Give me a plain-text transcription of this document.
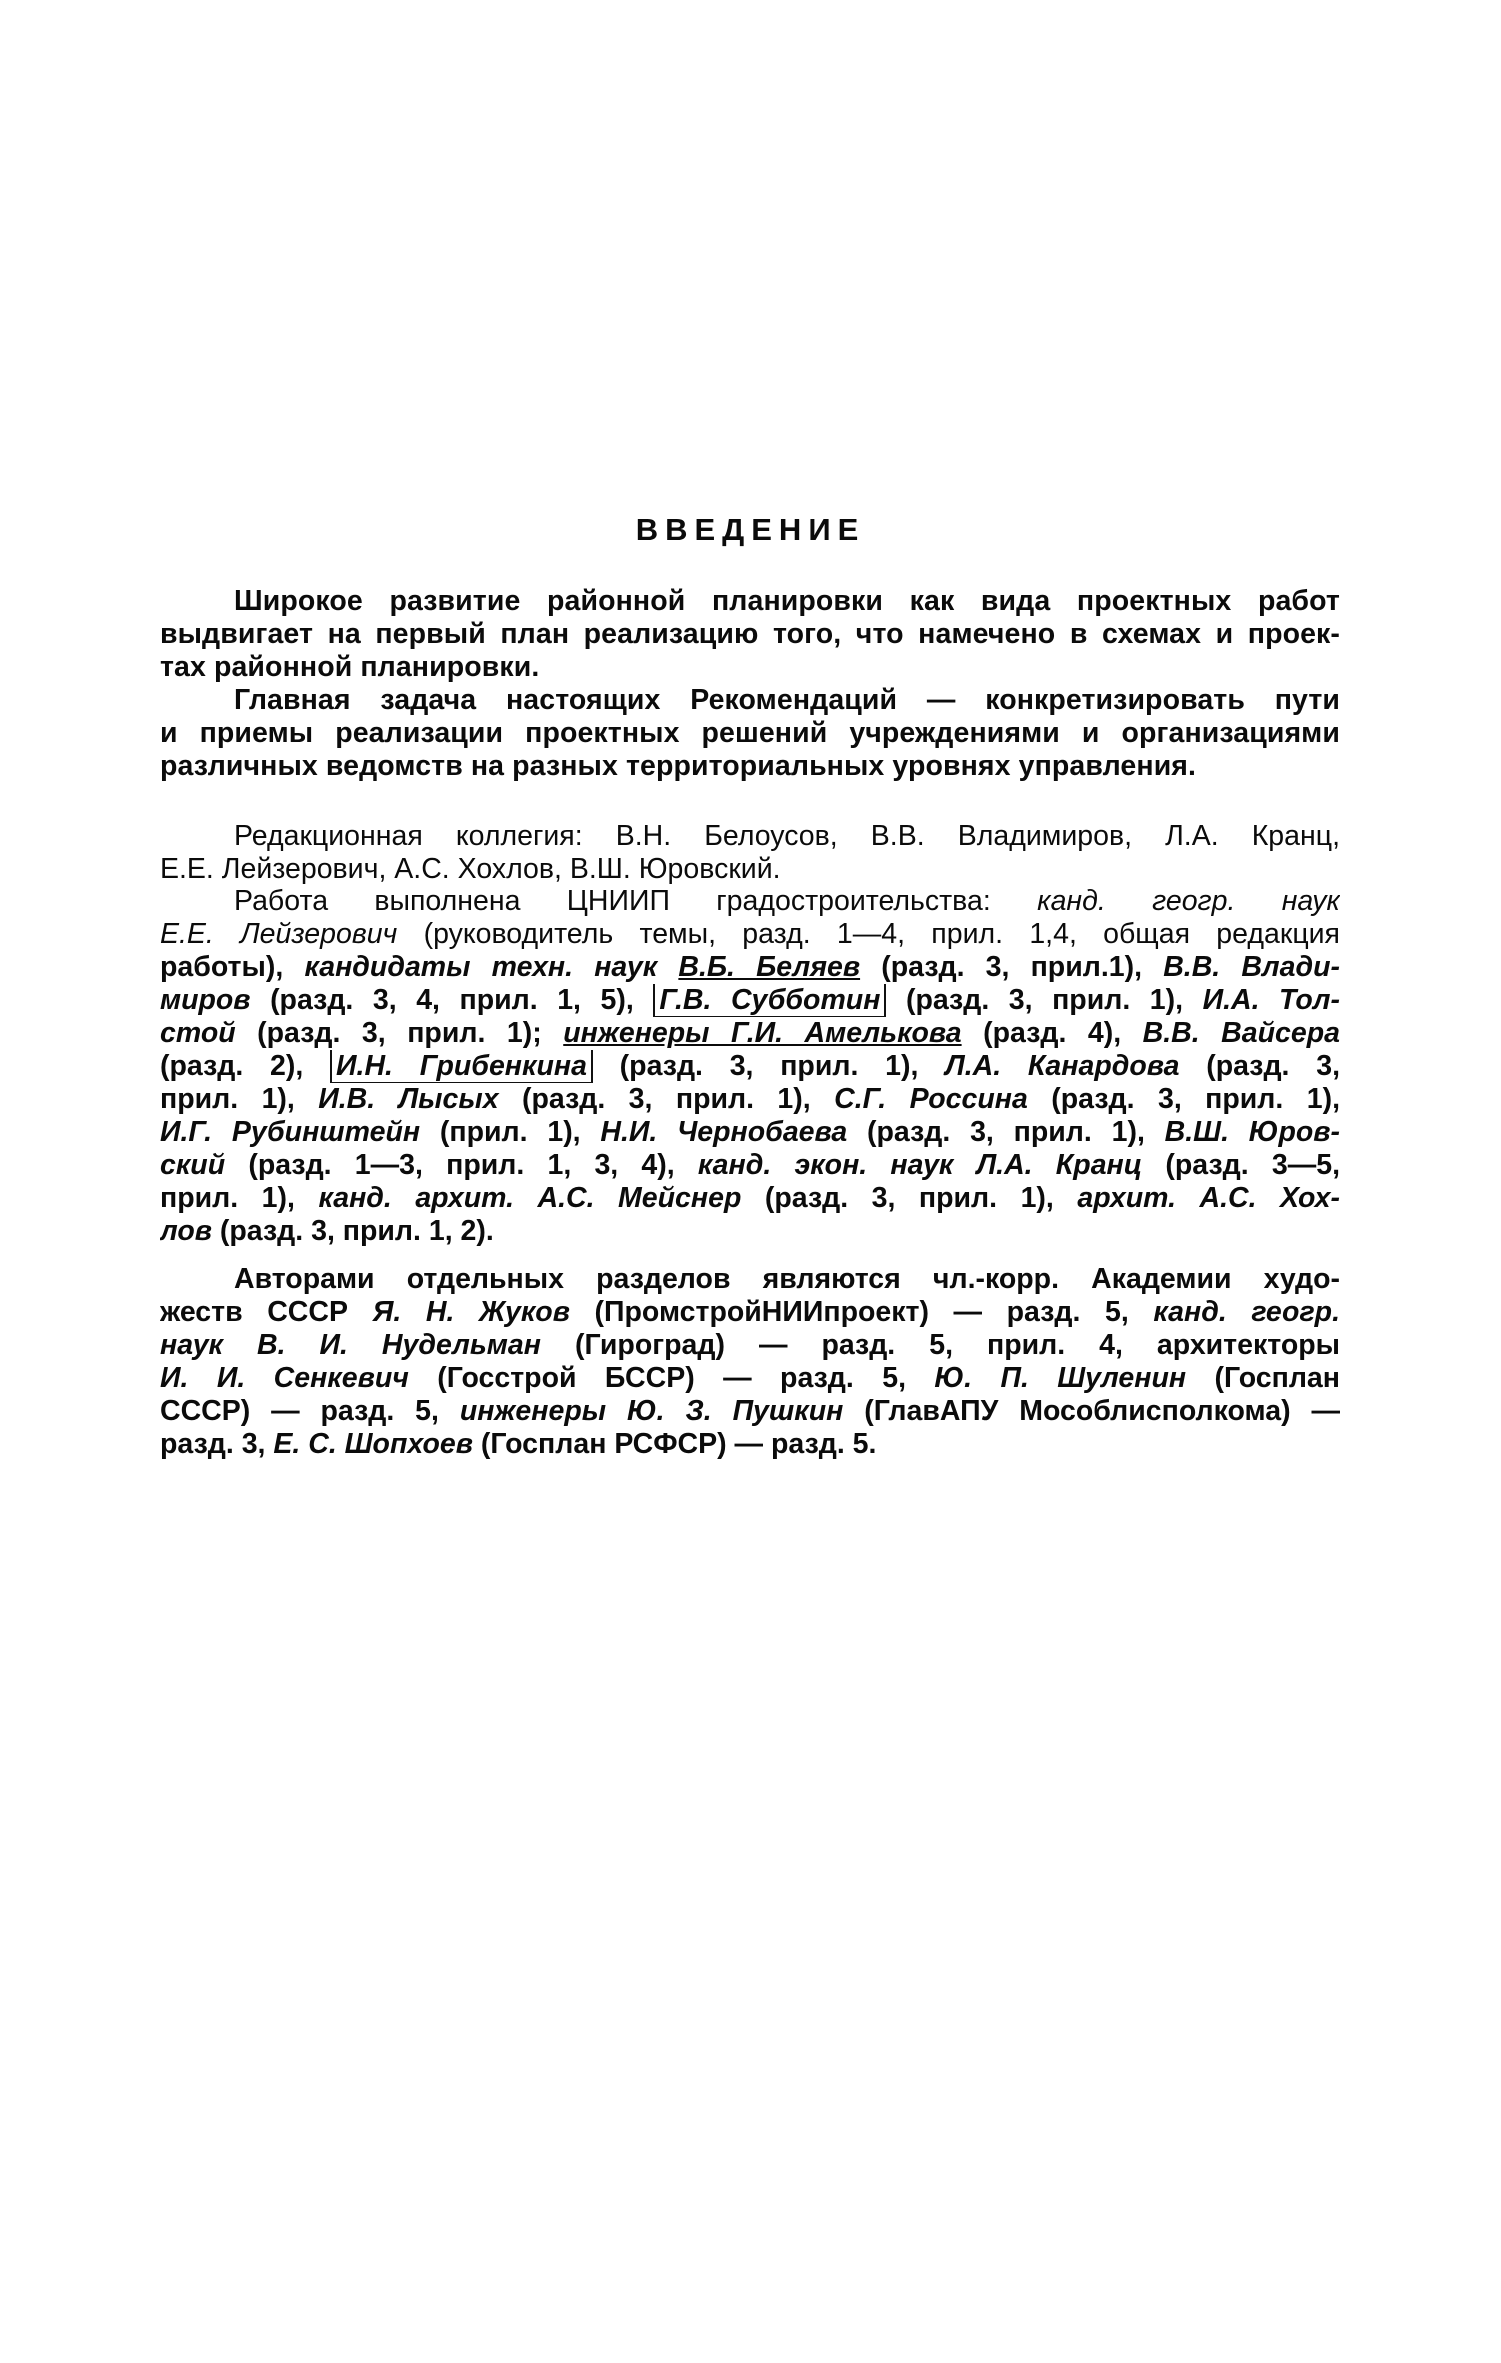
ВВЕДЕНИЕ
Широкое развитие районной планировки как вида проектных работ
выдвигает на первый план реализацию того, что намечено в схемах и проек-
тах районной планировки.
Главная задача настоящих Рекомендаций — конкретизировать пути
и приемы реализации проектных решений учреждениями и организациями
различных ведомств на разных территориальных уровнях управления.
Редакционная коллегия: В.Н. Белоусов, В.В. Владимиров, Л.А. Кранц,
Е.Е. Лейзерович, А.С. Хохлов, В.Ш. Юровский.
Работа выполнена ЦНИИП градостроительства: канд. геогр. наук
Е.Е. Лейзерович (руководитель темы, разд. 1—4, прил. 1,4, общая редакция
работы), кандидаты техн. наук В.Б. Беляев (разд. 3, прил.1), В.В. Влади-
миров (разд. 3, 4, прил. 1, 5), Г.В. Субботин (разд. 3, прил. 1), И.А. Тол-
стой (разд. 3, прил. 1); инженеры Г.И. Амелькова (разд. 4), В.В. Вайсера
(разд. 2), И.Н. Грибенкина (разд. 3, прил. 1), Л.А. Канардова (разд. 3,
прил. 1), И.В. Лысых (разд. 3, прил. 1), С.Г. Россина (разд. 3, прил. 1),
И.Г. Рубинштейн (прил. 1), Н.И. Чернобаева (разд. 3, прил. 1), В.Ш. Юров-
ский (разд. 1—3, прил. 1, 3, 4), канд. экон. наук Л.А. Кранц (разд. 3—5,
прил. 1), канд. архит. А.С. Мейснер (разд. 3, прил. 1), архит. А.С. Хох-
лов (разд. 3, прил. 1, 2).
Авторами отдельных разделов являются чл.-корр. Академии худо-
жеств СССР Я. Н. Жуков (ПромстройНИИпроект) — разд. 5, канд. геогр.
наук В. И. Нудельман (Гироград) — разд. 5, прил. 4, архитекторы
И. И. Сенкевич (Госстрой БССР) — разд. 5, Ю. П. Шуленин (Госплан
СССР) — разд. 5, инженеры Ю. З. Пушкин (ГлавАПУ Мособлисполкома) —
разд. 3, Е. С. Шопхоев (Госплан РСФСР) — разд. 5.
